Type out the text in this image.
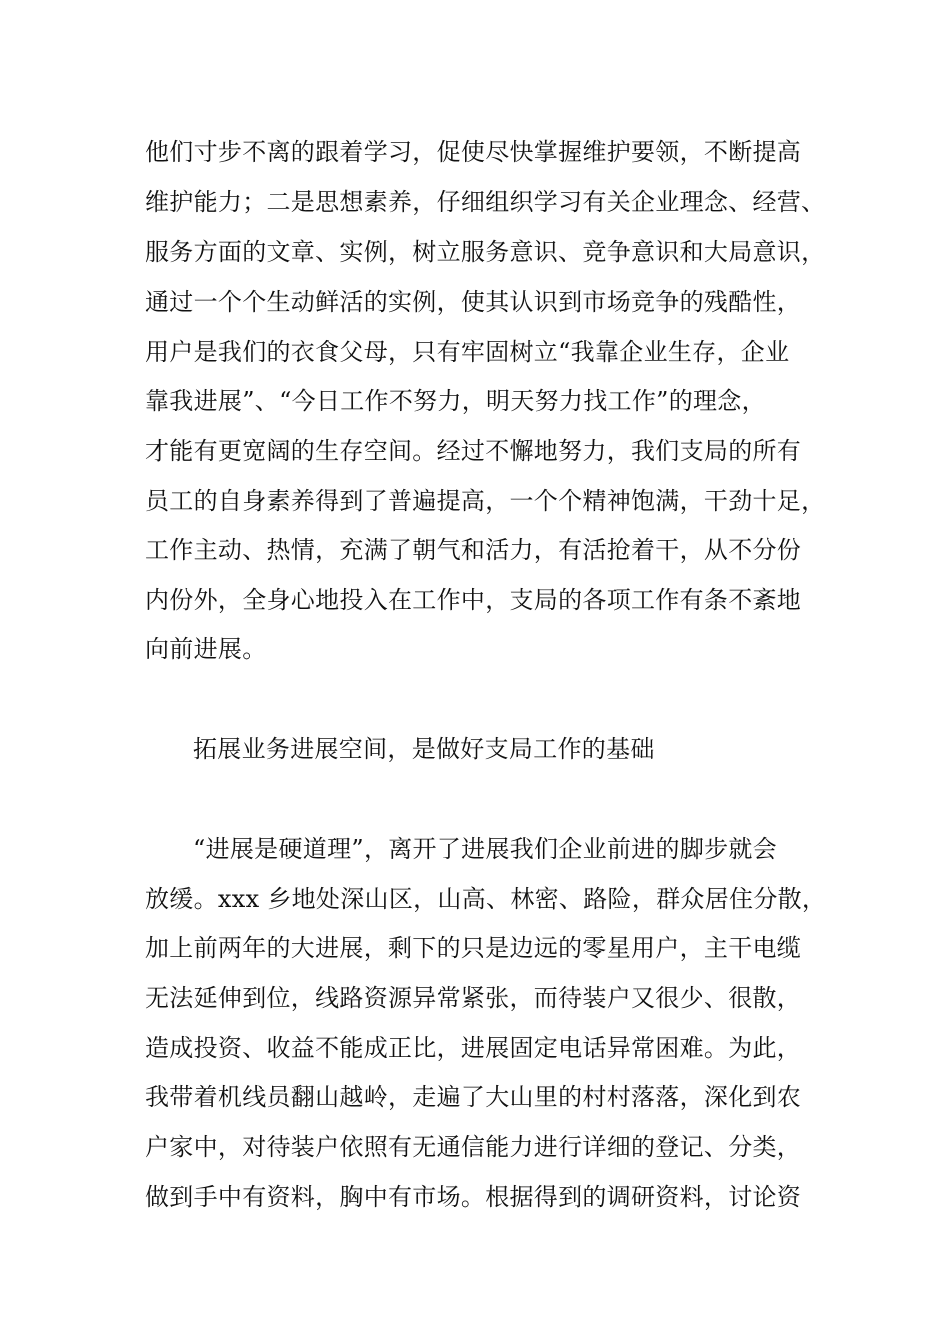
他们寸步不离的跟着学习，促使尽快掌握维护要领，不断提高
维护能力；二是思想素养，仔细组织学习有关企业理念、经营、
服务方面的文章、实例，树立服务意识、竞争意识和大局意识，
通过一个个生动鲜活的实例，使其认识到市场竞争的残酷性，
用户是我们的衣食父母，只有牢固树立“我靠企业生存，企业
靠我进展”、“今日工作不努力，明天努力找工作”的理念，
才能有更宽阔的生存空间。经过不懈地努力，我们支局的所有
员工的自身素养得到了普遍提高，一个个精神饱满，干劲十足，
工作主动、热情，充满了朝气和活力，有活抢着干，从不分份
内份外，全身心地投入在工作中，支局的各项工作有条不紊地
向前进展。
拓展业务进展空间，是做好支局工作的基础
“进展是硬道理”，离开了进展我们企业前进的脚步就会
放缓。xxx 乡地处深山区，山高、林密、路险，群众居住分散，
加上前两年的大进展，剩下的只是边远的零星用户，主干电缆
无法延伸到位，线路资源异常紧张，而待装户又很少、很散，
造成投资、收益不能成正比，进展固定电话异常困难。为此，
我带着机线员翻山越岭，走遍了大山里的村村落落，深化到农
户家中，对待装户依照有无通信能力进行详细的登记、分类，
做到手中有资料，胸中有市场。根据得到的调研资料，讨论资
